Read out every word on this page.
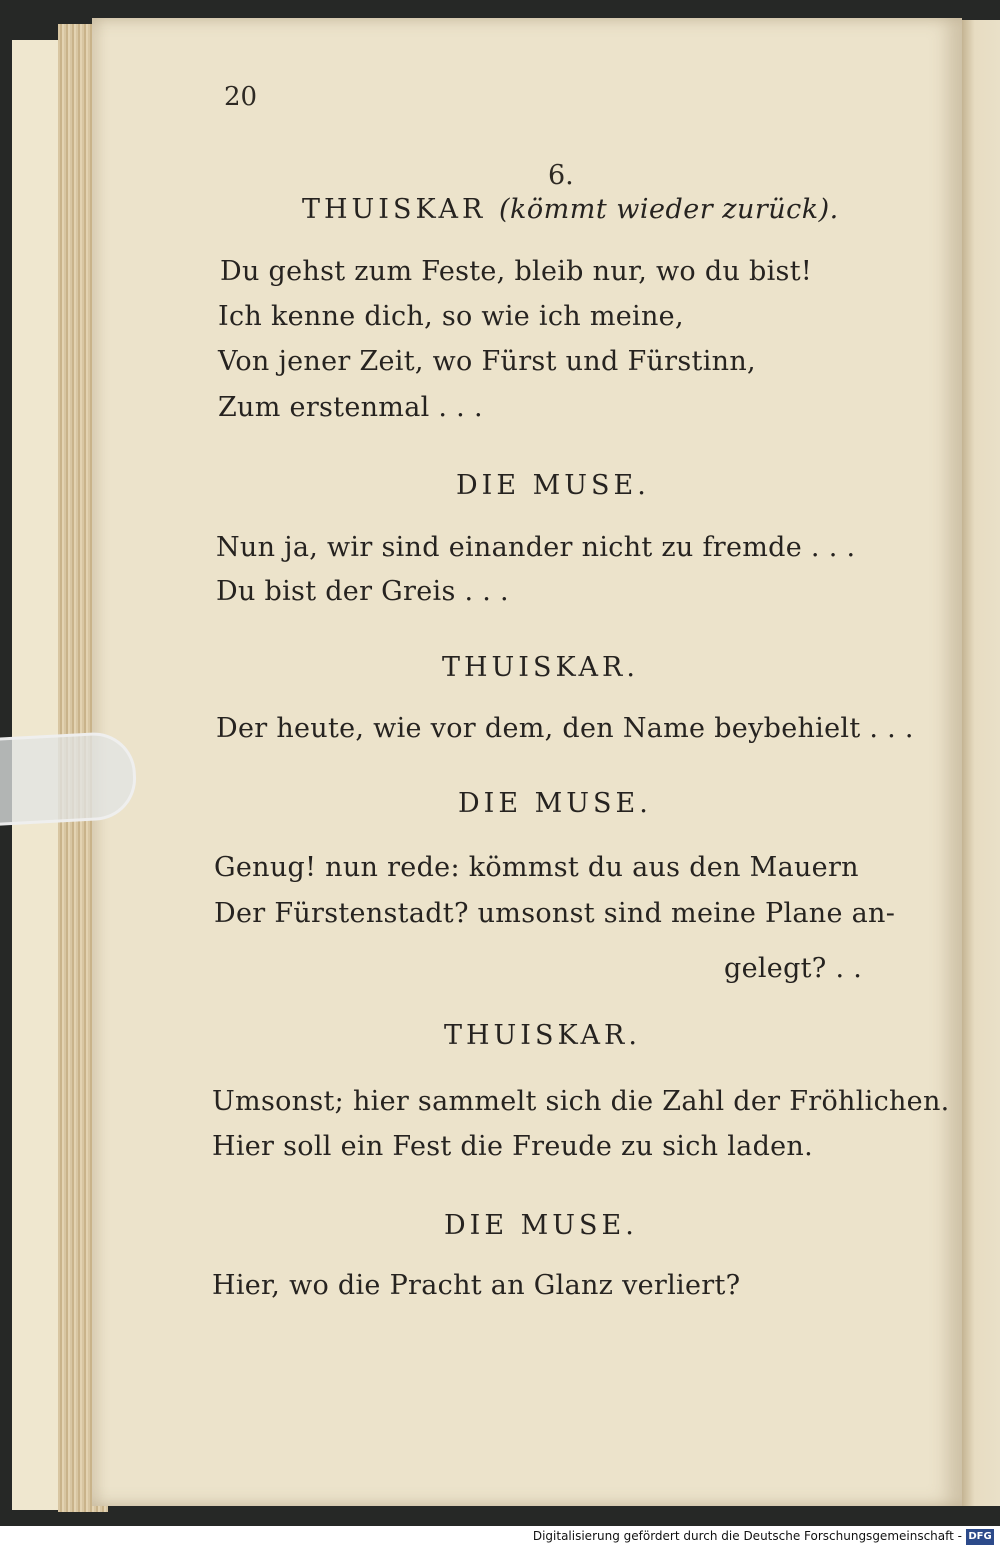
20
6.
THUISKAR (kömmt wieder zurück).
Du gehst zum Feste, bleib nur, wo du bist!
Ich kenne dich, so wie ich meine,
Von jener Zeit, wo Fürst und Fürstinn,
Zum erstenmal . . .
DIE MUSE.
Nun ja, wir sind einander nicht zu fremde . . .
Du bist der Greis . . .
THUISKAR.
Der heute, wie vor dem, den Name beybehielt . . .
DIE MUSE.
Genug! nun rede: kömmst du aus den Mauern
Der Fürstenstadt? umsonst sind meine Plane an-
gelegt? . .
THUISKAR.
Umsonst; hier sammelt sich die Zahl der Fröhlichen.
Hier soll ein Fest die Freude zu sich laden.
DIE MUSE.
Hier, wo die Pracht an Glanz verliert?
Digitalisierung gefördert durch die Deutsche Forschungsgemeinschaft - DFG
